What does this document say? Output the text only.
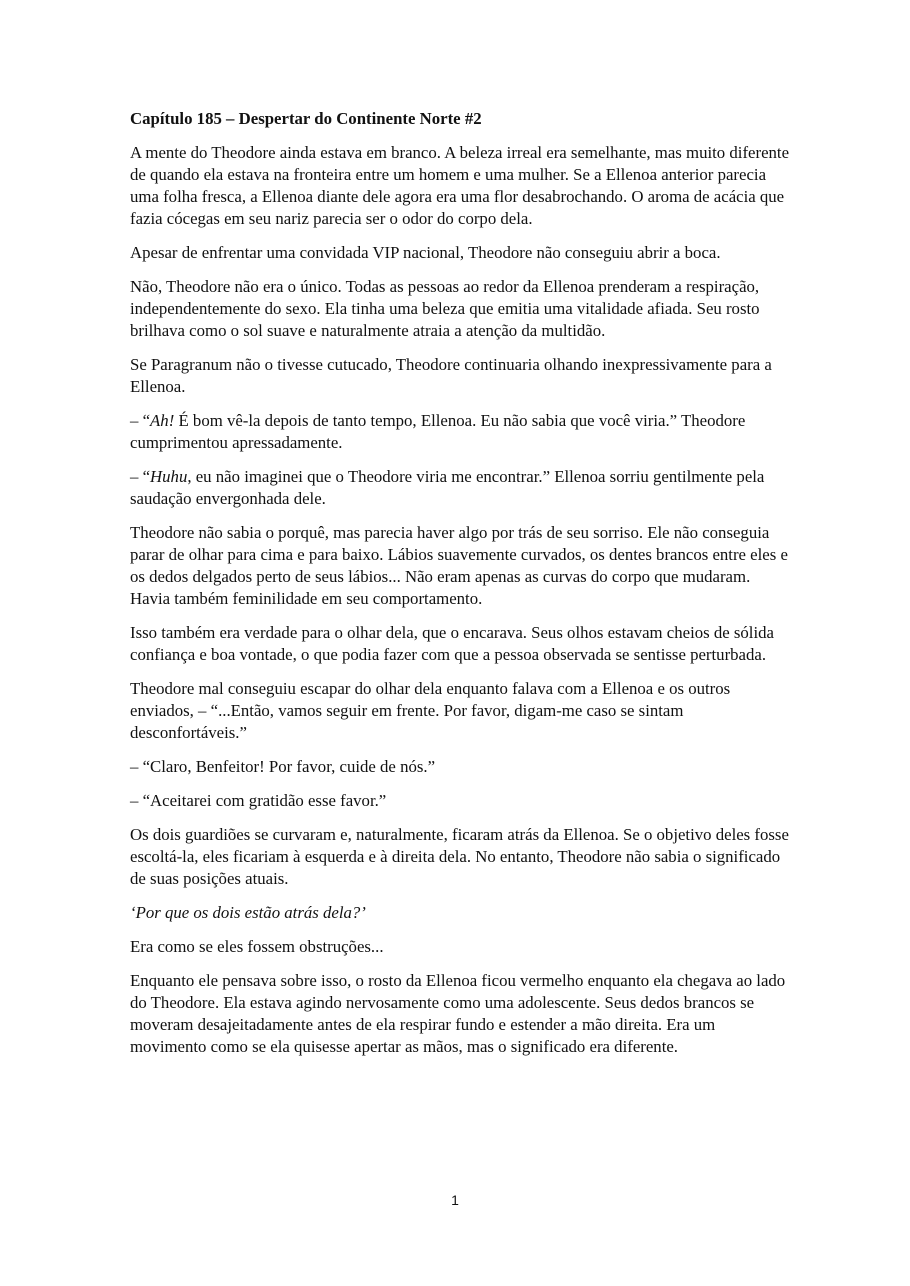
Capítulo 185 – Despertar do Continente Norte #2

A mente do Theodore ainda estava em branco. A beleza irreal era semelhante, mas muito diferente de quando ela estava na fronteira entre um homem e uma mulher. Se a Ellenoa anterior parecia uma folha fresca, a Ellenoa diante dele agora era uma flor desabrochando. O aroma de acácia que fazia cócegas em seu nariz parecia ser o odor do corpo dela.

Apesar de enfrentar uma convidada VIP nacional, Theodore não conseguiu abrir a boca.

Não, Theodore não era o único. Todas as pessoas ao redor da Ellenoa prenderam a respiração, independentemente do sexo. Ela tinha uma beleza que emitia uma vitalidade afiada. Seu rosto brilhava como o sol suave e naturalmente atraia a atenção da multidão.

Se Paragranum não o tivesse cutucado, Theodore continuaria olhando inexpressivamente para a Ellenoa.

– “Ah! É bom vê-la depois de tanto tempo, Ellenoa. Eu não sabia que você viria.” Theodore cumprimentou apressadamente.

– “Huhu, eu não imaginei que o Theodore viria me encontrar.” Ellenoa sorriu gentilmente pela saudação envergonhada dele.

Theodore não sabia o porquê, mas parecia haver algo por trás de seu sorriso. Ele não conseguia parar de olhar para cima e para baixo. Lábios suavemente curvados, os dentes brancos entre eles e os dedos delgados perto de seus lábios... Não eram apenas as curvas do corpo que mudaram. Havia também feminilidade em seu comportamento.

Isso também era verdade para o olhar dela, que o encarava. Seus olhos estavam cheios de sólida confiança e boa vontade, o que podia fazer com que a pessoa observada se sentisse perturbada.

Theodore mal conseguiu escapar do olhar dela enquanto falava com a Ellenoa e os outros enviados, – “...Então, vamos seguir em frente. Por favor, digam-me caso se sintam desconfortáveis.”

– “Claro, Benfeitor! Por favor, cuide de nós.”

– “Aceitarei com gratidão esse favor.”

Os dois guardiões se curvaram e, naturalmente, ficaram atrás da Ellenoa. Se o objetivo deles fosse escoltá-la, eles ficariam à esquerda e à direita dela. No entanto, Theodore não sabia o significado de suas posições atuais.

‘Por que os dois estão atrás dela?’

Era como se eles fossem obstruções...

Enquanto ele pensava sobre isso, o rosto da Ellenoa ficou vermelho enquanto ela chegava ao lado do Theodore. Ela estava agindo nervosamente como uma adolescente. Seus dedos brancos se moveram desajeitadamente antes de ela respirar fundo e estender a mão direita. Era um movimento como se ela quisesse apertar as mãos, mas o significado era diferente.

1
